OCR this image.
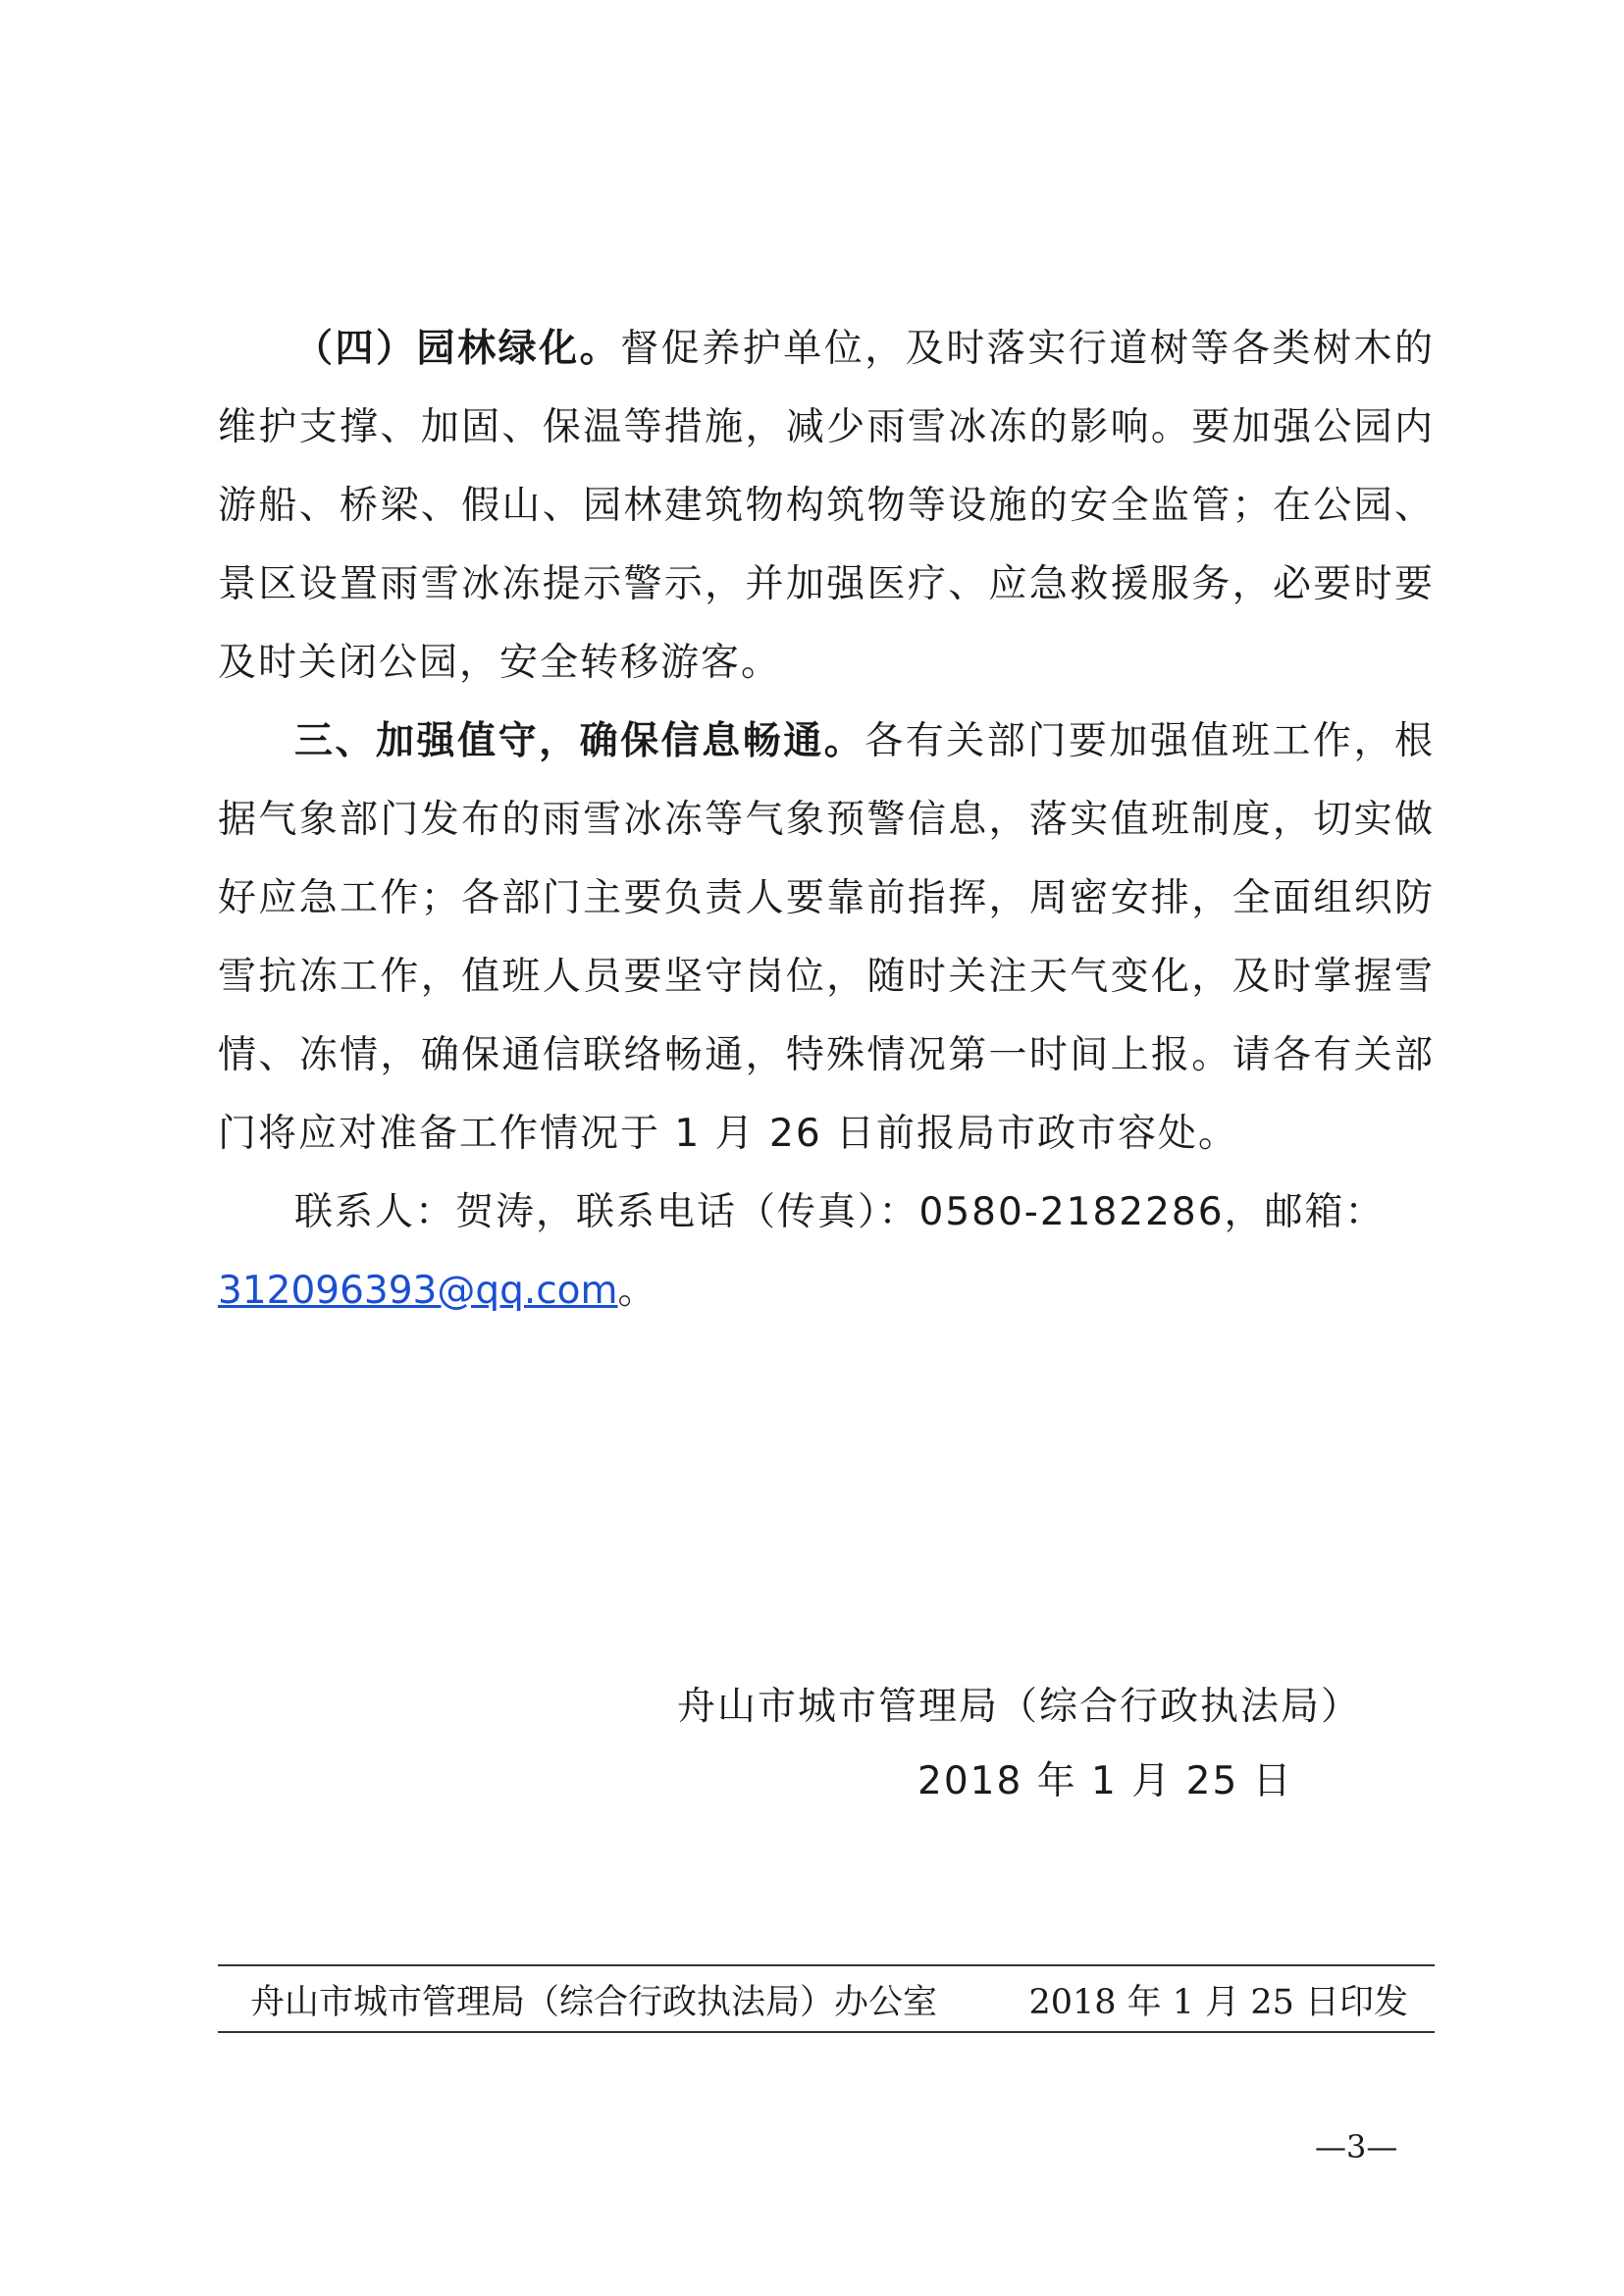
（四）园林绿化。督促养护单位，及时落实行道树等各类树木的维护支撑、加固、保温等措施，减少雨雪冰冻的影响。要加强公园内游船、桥梁、假山、园林建筑物构筑物等设施的安全监管；在公园、景区设置雨雪冰冻提示警示，并加强医疗、应急救援服务，必要时要及时关闭公园，安全转移游客。

三、加强值守，确保信息畅通。各有关部门要加强值班工作，根据气象部门发布的雨雪冰冻等气象预警信息，落实值班制度，切实做好应急工作；各部门主要负责人要靠前指挥，周密安排，全面组织防雪抗冻工作，值班人员要坚守岗位，随时关注天气变化，及时掌握雪情、冻情，确保通信联络畅通，特殊情况第一时间上报。请各有关部门将应对准备工作情况于 1 月 26 日前报局市政市容处。

联系人：贺涛，联系电话（传真）：0580-2182286，邮箱：312096393@qq.com。

舟山市城市管理局（综合行政执法局）
2018 年 1 月 25 日
舟山市城市管理局（综合行政执法局）办公室	2018 年 1 月 25 日印发
—3—
